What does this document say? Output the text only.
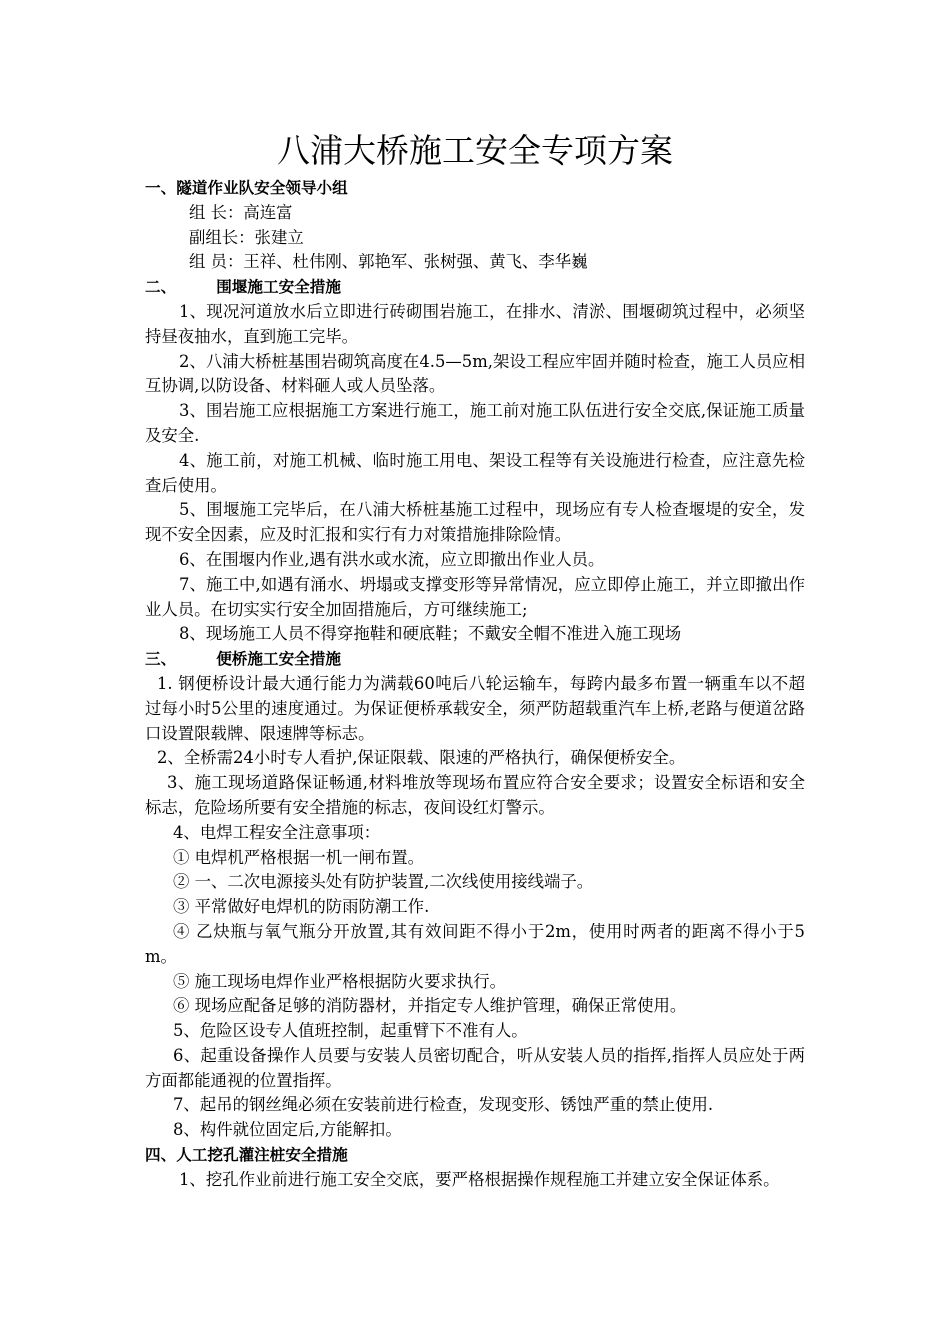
八浦大桥施工安全专项方案

一、隧道作业队安全领导小组

组 长：高连富

副组长：张建立

组 员：王祥、杜伟刚、郭艳军、张树强、黄飞、李华巍

二、	围堰施工安全措施

1、现况河道放水后立即进行砖砌围岩施工，在排水、清淤、围堰砌筑过程中，必须坚持昼夜抽水，直到施工完毕。

2、八浦大桥桩基围岩砌筑高度在4.5—5m,架设工程应牢固并随时检查，施工人员应相互协调,以防设备、材料砸人或人员坠落。

3、围岩施工应根据施工方案进行施工，施工前对施工队伍进行安全交底,保证施工质量及安全.

4、施工前，对施工机械、临时施工用电、架设工程等有关设施进行检查，应注意先检查后使用。

5、围堰施工完毕后，在八浦大桥桩基施工过程中，现场应有专人检查堰堤的安全，发现不安全因素，应及时汇报和实行有力对策措施排除险情。

6、在围堰内作业,遇有洪水或水流，应立即撤出作业人员。

7、施工中,如遇有涌水、坍塌或支撑变形等异常情况，应立即停止施工，并立即撤出作业人员。在切实实行安全加固措施后，方可继续施工;

8、现场施工人员不得穿拖鞋和硬底鞋；不戴安全帽不准进入施工现场

三、	便桥施工安全措施

1. 钢便桥设计最大通行能力为满载60吨后八轮运输车，每跨内最多布置一辆重车以不超过每小时5公里的速度通过。为保证便桥承载安全，须严防超载重汽车上桥,老路与便道岔路口设置限载牌、限速牌等标志。

2、全桥需24小时专人看护,保证限载、限速的严格执行，确保便桥安全。

3、施工现场道路保证畅通,材料堆放等现场布置应符合安全要求；设置安全标语和安全标志，危险场所要有安全措施的标志，夜间设红灯警示。

4、电焊工程安全注意事项：

① 电焊机严格根据一机一闸布置。

② 一、二次电源接头处有防护装置,二次线使用接线端子。

③ 平常做好电焊机的防雨防潮工作.

④ 乙炔瓶与氧气瓶分开放置,其有效间距不得小于2m，使用时两者的距离不得小于5m。

⑤ 施工现场电焊作业严格根据防火要求执行。

⑥ 现场应配备足够的消防器材，并指定专人维护管理，确保正常使用。

5、危险区设专人值班控制，起重臂下不准有人。

6、起重设备操作人员要与安装人员密切配合，听从安装人员的指挥,指挥人员应处于两方面都能通视的位置指挥。

7、起吊的钢丝绳必须在安装前进行检查，发现变形、锈蚀严重的禁止使用.

8、构件就位固定后,方能解扣。

四、人工挖孔灌注桩安全措施

1、挖孔作业前进行施工安全交底，要严格根据操作规程施工并建立安全保证体系。
